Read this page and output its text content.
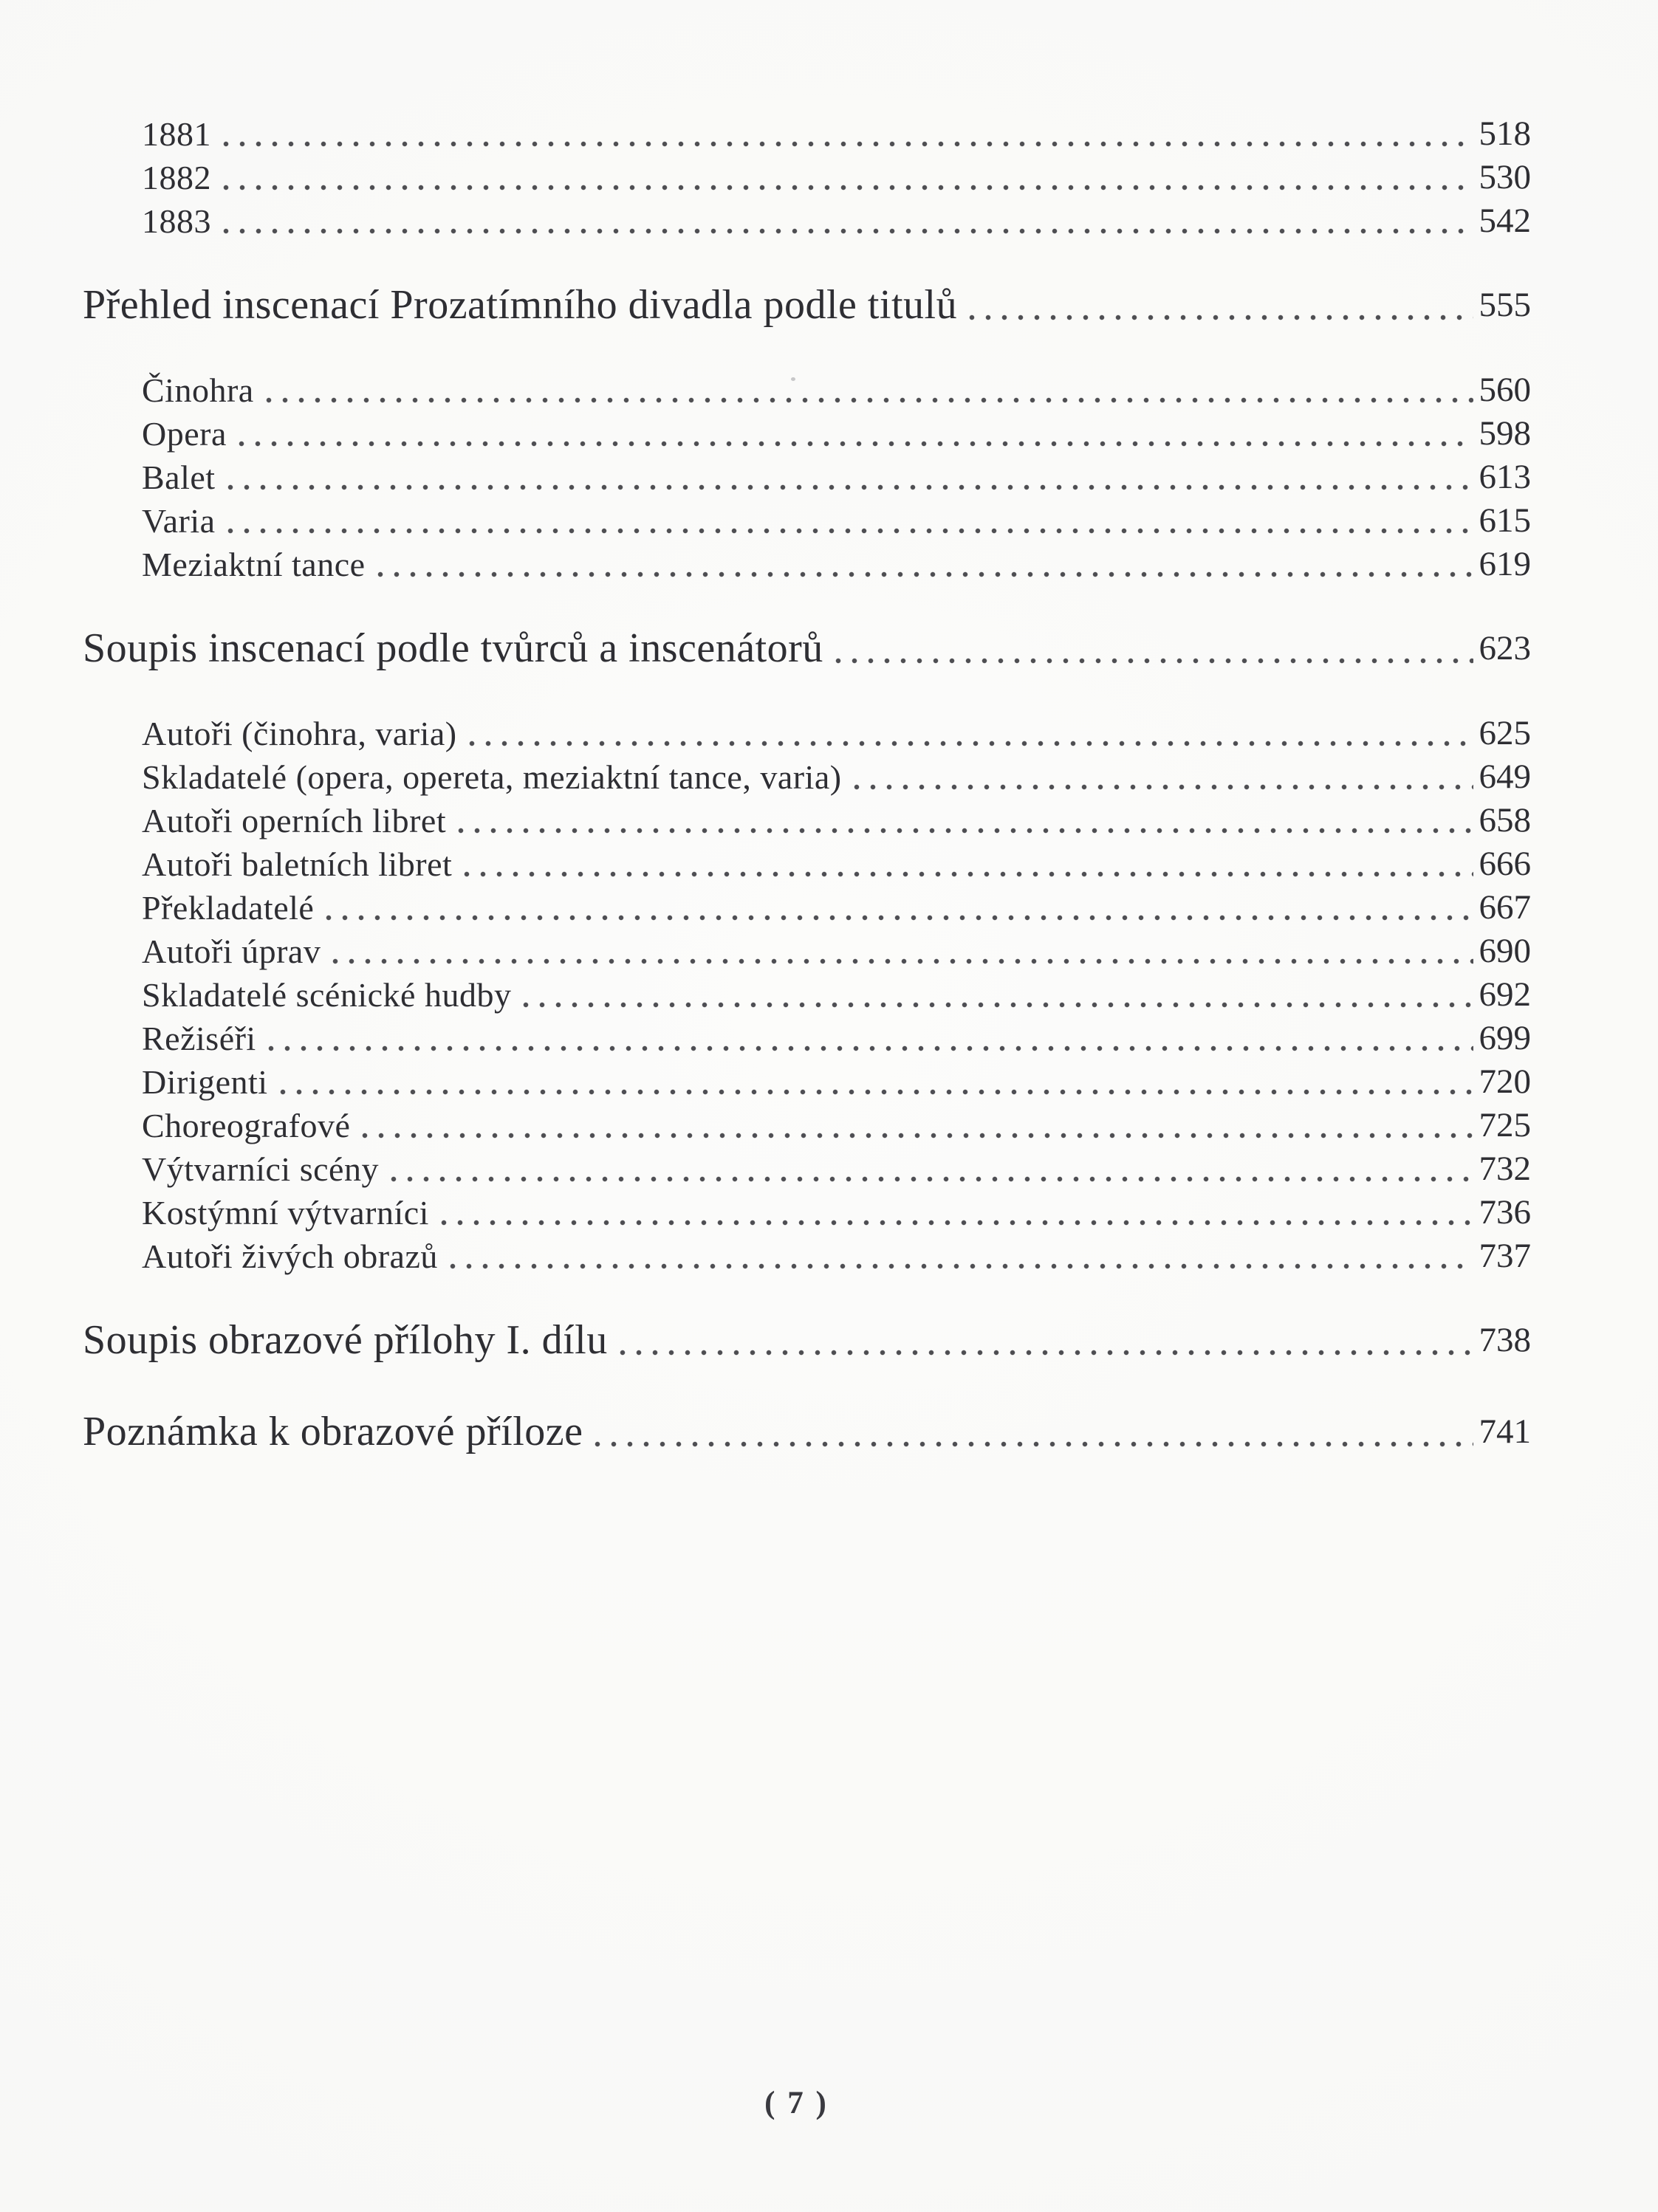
1881	518
1882	530
1883	542
Přehled inscenací Prozatímního divadla podle titulů	555
Činohra	560
Opera	598
Balet	613
Varia	615
Meziaktní tance	619
Soupis inscenací podle tvůrců a inscenátorů	623
Autoři (činohra, varia)	625
Skladatelé (opera, opereta, meziaktní tance, varia)	649
Autoři operních libret	658
Autoři baletních libret	666
Překladatelé	667
Autoři úprav	690
Skladatelé scénické hudby	692
Režiséři	699
Dirigenti	720
Choreografové	725
Výtvarníci scény	732
Kostýmní výtvarníci	736
Autoři živých obrazů	737
Soupis obrazové přílohy I. dílu	738
Poznámka k obrazové příloze	741
( 7 )
